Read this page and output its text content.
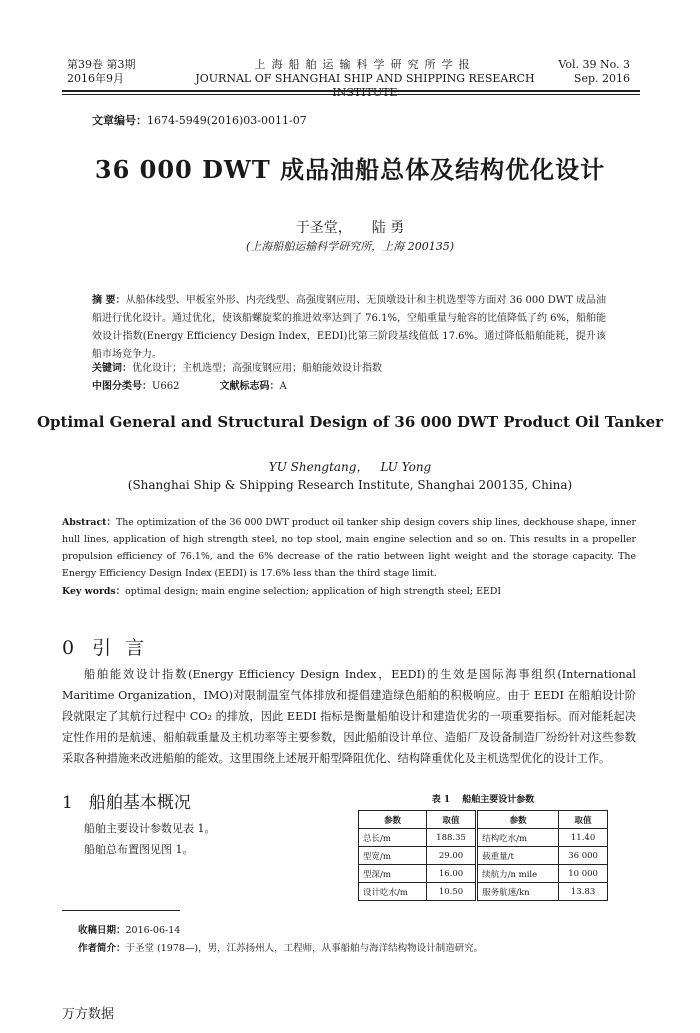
第39卷 第3期
2016年9月
上海船舶运输科学研究所学报
JOURNAL OF SHANGHAI SHIP AND SHIPPING RESEARCH INSTITUTE
Vol. 39 No. 3
Sep. 2016
文章编号：1674-5949(2016)03-0011-07
36 000 DWT 成品油船总体及结构优化设计
于圣堂， 陆 勇
(上海船舶运输科学研究所，上海 200135)
摘 要：从船体线型、甲板室外形、内壳线型、高强度钢应用、无顶墩设计和主机选型等方面对 36 000 DWT 成品油船进行优化设计。通过优化，使该船螺旋桨的推进效率达到了 76.1%，空船重量与舱容的比值降低了约 6%，船舶能效设计指数(Energy Efficiency Design Index，EEDI)比第三阶段基线值低 17.6%。通过降低船舶能耗，提升该船市场竞争力。
关键词：优化设计；主机选型；高强度钢应用；船舶能效设计指数
中图分类号：U662	文献标志码：A
Optimal General and Structural Design of 36 000 DWT Product Oil Tanker
YU Shengtang， LU Yong
(Shanghai Ship & Shipping Research Institute, Shanghai 200135, China)
Abstract：The optimization of the 36 000 DWT product oil tanker ship design covers ship lines, deckhouse shape, inner hull lines, application of high strength steel, no top stool, main engine selection and so on. This results in a propeller propulsion efficiency of 76.1%, and the 6% decrease of the ratio between light weight and the storage capacity. The Energy Efficiency Design Index (EEDI) is 17.6% less than the third stage limit.
Key words：optimal design; main engine selection; application of high strength steel; EEDI
0 引言
船舶能效设计指数(Energy Efficiency Design Index，EEDI)的生效是国际海事组织(International Maritime Organization，IMO)对限制温室气体排放和提倡建造绿色船舶的积极响应。由于 EEDI 在船舶设计阶段就限定了其航行过程中 CO₂ 的排放，因此 EEDI 指标是衡量船舶设计和建造优劣的一项重要指标。而对能耗起决定性作用的是航速、船舶载重量及主机功率等主要参数，因此船舶设计单位、造船厂及设备制造厂纷纷针对这些参数采取各种措施来改进船舶的能效。这里围绕上述展开船型降阻优化、结构降重优化及主机选型优化的设计工作。
1 船舶基本概况
船舶主要设计参数见表 1。
船舶总布置图见图 1。
表 1 船舶主要设计参数
参数	取值	参数	取值
总长/m	188.35	结构吃水/m	11.40
型宽/m	29.00	载重量/t	36 000
型深/m	16.00	续航力/n mile	10 000
设计吃水/m	10.50	服务航速/kn	13.83
收稿日期：2016-06-14
作者简介：于圣堂 (1978—)，男，江苏扬州人，工程师，从事船舶与海洋结构物设计制造研究。
万方数据
